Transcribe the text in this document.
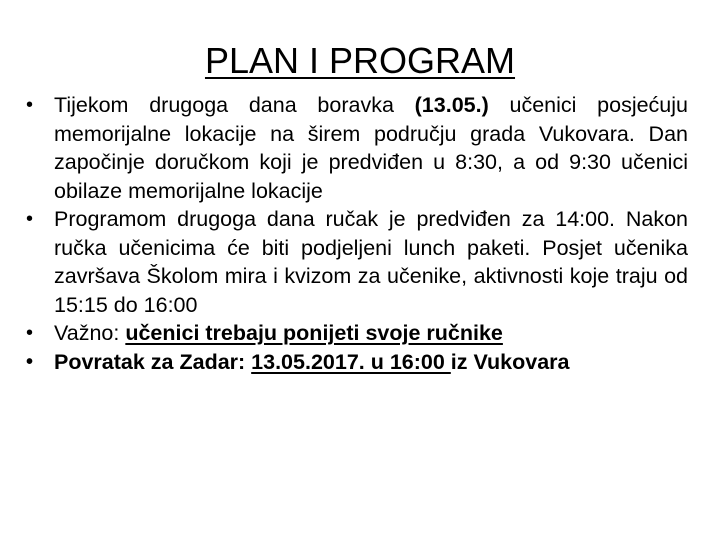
PLAN I PROGRAM
• Tijekom drugoga dana boravka (13.05.) učenici posjećuju memorijalne lokacije na širem području grada Vukovara. Dan započinje doručkom koji je predviđen u 8:30, a od 9:30 učenici obilaze memorijalne lokacije
• Programom drugoga dana ručak je predviđen za 14:00. Nakon ručka učenicima će biti podjeljeni lunch paketi. Posjet učenika završava Školom mira i kvizom za učenike, aktivnosti koje traju od 15:15 do 16:00
• Važno: učenici trebaju ponijeti svoje ručnike
• Povratak za Zadar: 13.05.2017. u 16:00 iz Vukovara
